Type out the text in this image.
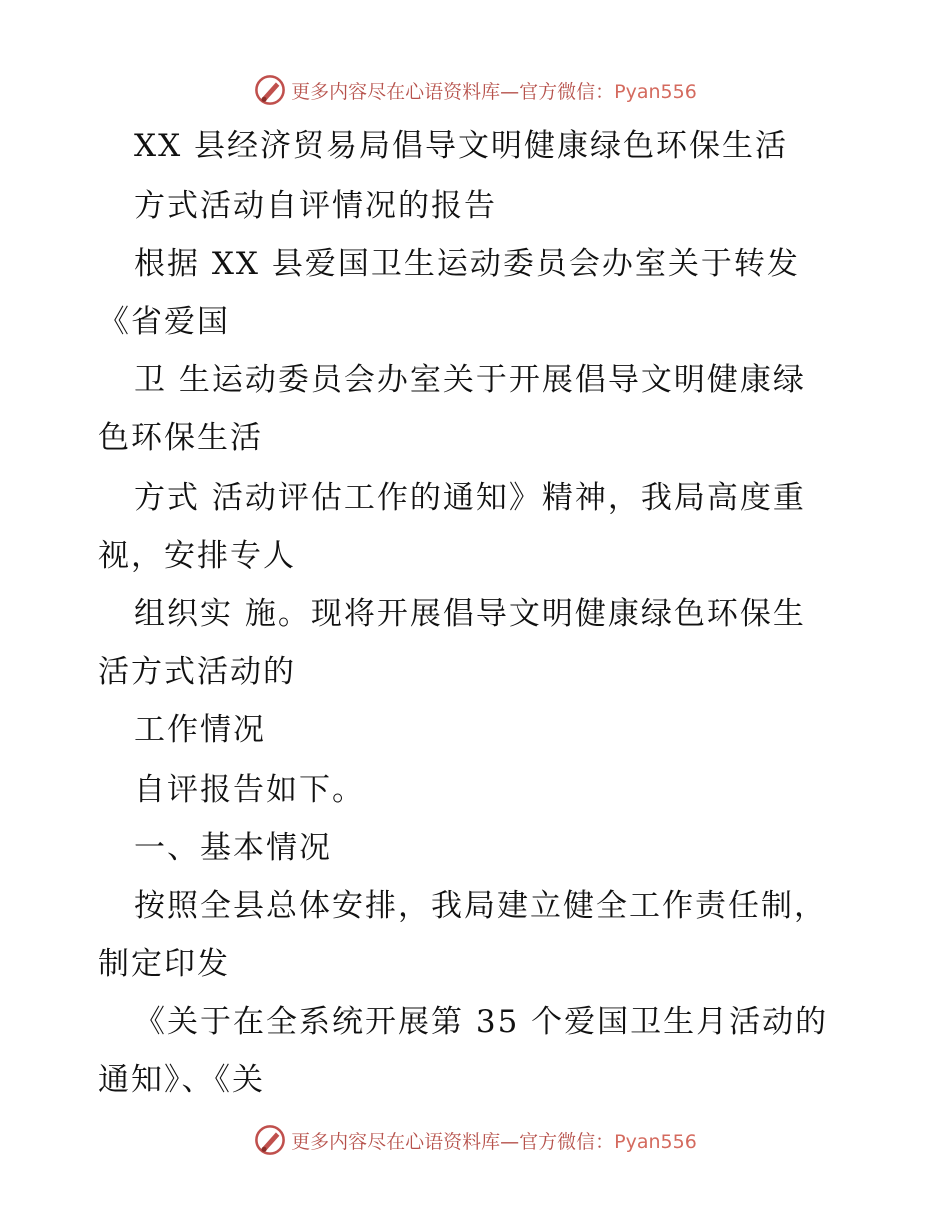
更多内容尽在心语资料库—官方微信：Pyan556
XX 县经济贸易局倡导文明健康绿色环保生活
方式活动自评情况的报告
根据 XX 县爱国卫生运动委员会办室关于转发
《省爱国
卫 生运动委员会办室关于开展倡导文明健康绿
色环保生活
方式 活动评估工作的通知》精神，我局高度重
视，安排专人
组织实 施。现将开展倡导文明健康绿色环保生
活方式活动的
工作情况
自评报告如下。
一、基本情况
按照全县总体安排，我局建立健全工作责任制，
制定印发
《关于在全系统开展第 35 个爱国卫生月活动的
通知》、《关
更多内容尽在心语资料库—官方微信：Pyan556
